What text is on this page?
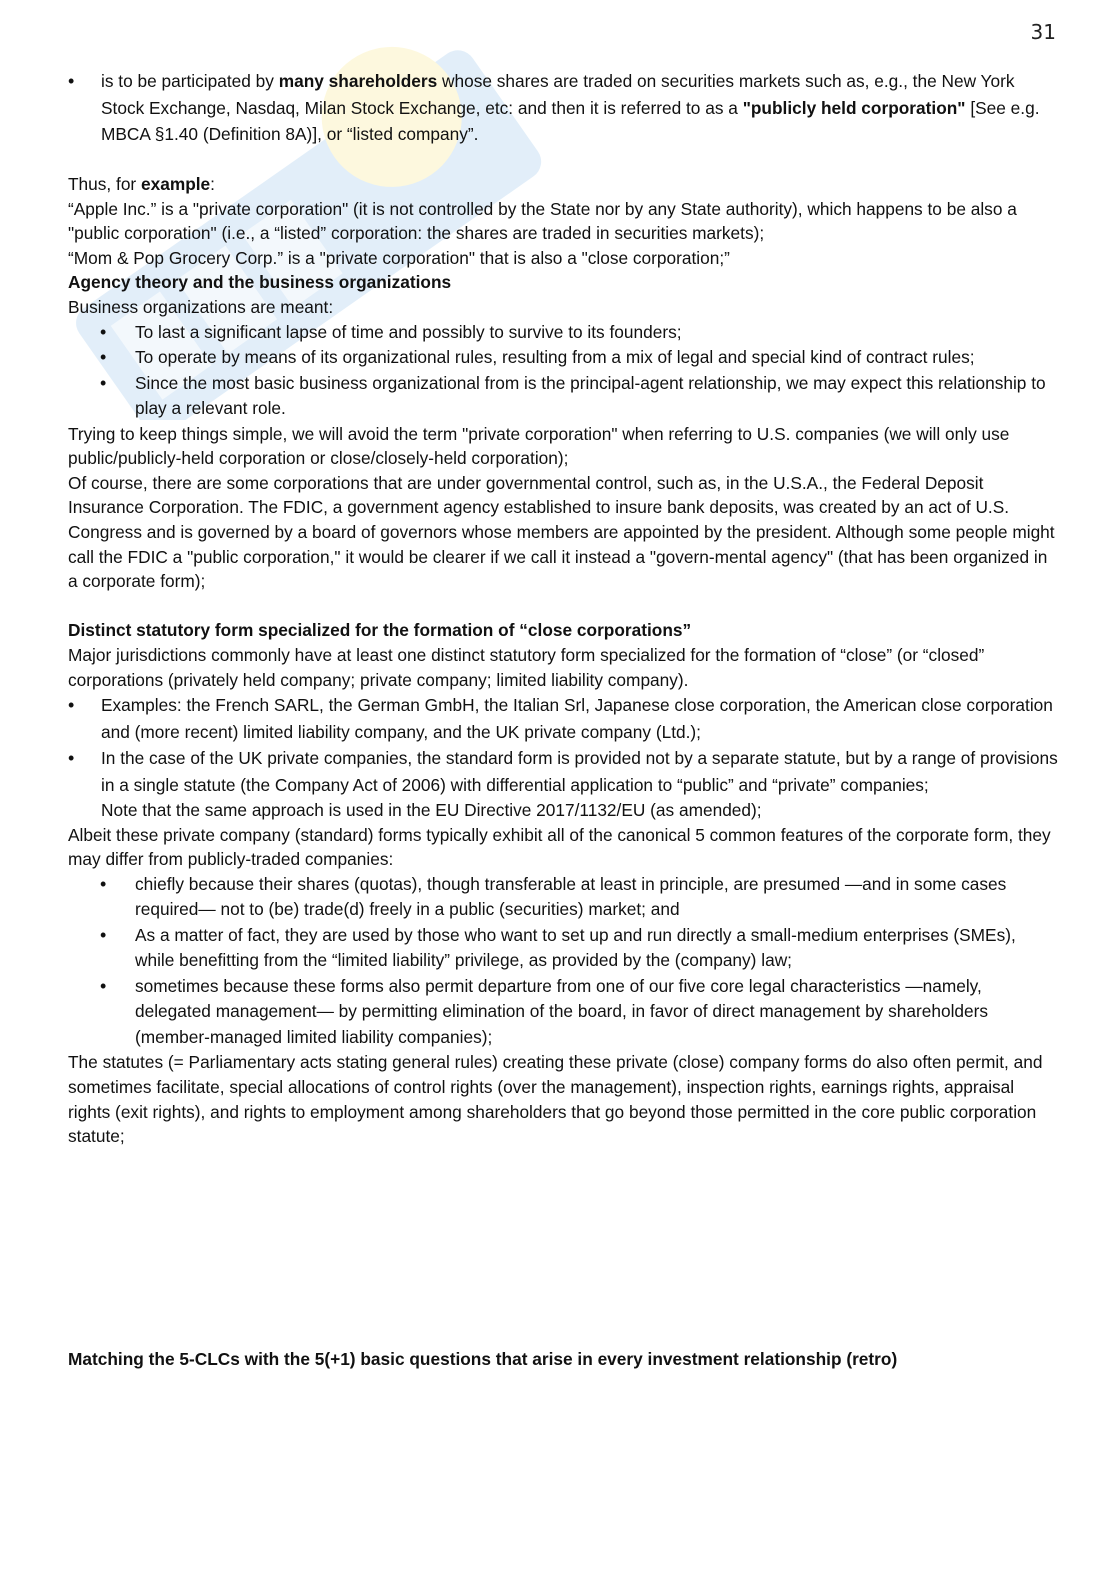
31
• is to be participated by many shareholders whose shares are traded on securities markets such as, e.g., the New York Stock Exchange, Nasdaq, Milan Stock Exchange, etc: and then it is referred to as a "publicly held corporation" [See e.g. MBCA §1.40 (Definition 8A)], or “listed company”.

Thus, for example:

“Apple Inc.” is a "private corporation" (it is not controlled by the State nor by any State authority), which happens to be also a "public corporation" (i.e., a “listed” corporation: the shares are traded in securities markets);

“Mom & Pop Grocery Corp.” is a "private corporation" that is also a "close corporation;”

Agency theory and the business organizations

Business organizations are meant:

• To last a significant lapse of time and possibly to survive to its founders;
• To operate by means of its organizational rules, resulting from a mix of legal and special kind of contract rules;
• Since the most basic business organizational from is the principal-agent relationship, we may expect this relationship to play a relevant role.

Trying to keep things simple, we will avoid the term "private corporation" when referring to U.S. companies (we will only use public/publicly-held corporation or close/closely-held corporation);

Of course, there are some corporations that are under governmental control, such as, in the U.S.A., the Federal Deposit Insurance Corporation. The FDIC, a government agency established to insure bank deposits, was created by an act of U.S. Congress and is governed by a board of governors whose members are appointed by the president. Although some people might call the FDIC a "public corporation," it would be clearer if we call it instead a "govern-mental agency" (that has been organized in a corporate form);

Distinct statutory form specialized for the formation of “close corporations”

Major jurisdictions commonly have at least one distinct statutory form specialized for the formation of “close” (or “closed” corporations (privately held company; private company; limited liability company).

• Examples: the French SARL, the German GmbH, the Italian Srl, Japanese close corporation, the American close corporation and (more recent) limited liability company, and the UK private company (Ltd.);
• In the case of the UK private companies, the standard form is provided not by a separate statute, but by a range of provisions in a single statute (the Company Act of 2006) with differential application to “public” and “private” companies;

Note that the same approach is used in the EU Directive 2017/1132/EU (as amended);

Albeit these private company (standard) forms typically exhibit all of the canonical 5 common features of the corporate form, they may differ from publicly-traded companies:

• chiefly because their shares (quotas), though transferable at least in principle, are presumed —and in some cases required— not to (be) trade(d) freely in a public (securities) market; and
• As a matter of fact, they are used by those who want to set up and run directly a small-medium enterprises (SMEs), while benefitting from the “limited liability” privilege, as provided by the (company) law;
• sometimes because these forms also permit departure from one of our five core legal characteristics —namely, delegated management— by permitting elimination of the board, in favor of direct management by shareholders (member-managed limited liability companies);

The statutes (= Parliamentary acts stating general rules) creating these private (close) company forms do also often permit, and sometimes facilitate, special allocations of control rights (over the management), inspection rights, earnings rights, appraisal rights (exit rights), and rights to employment among shareholders that go beyond those permitted in the core public corporation statute;

Matching the 5-CLCs with the 5(+1) basic questions that arise in every investment relationship (retro)
